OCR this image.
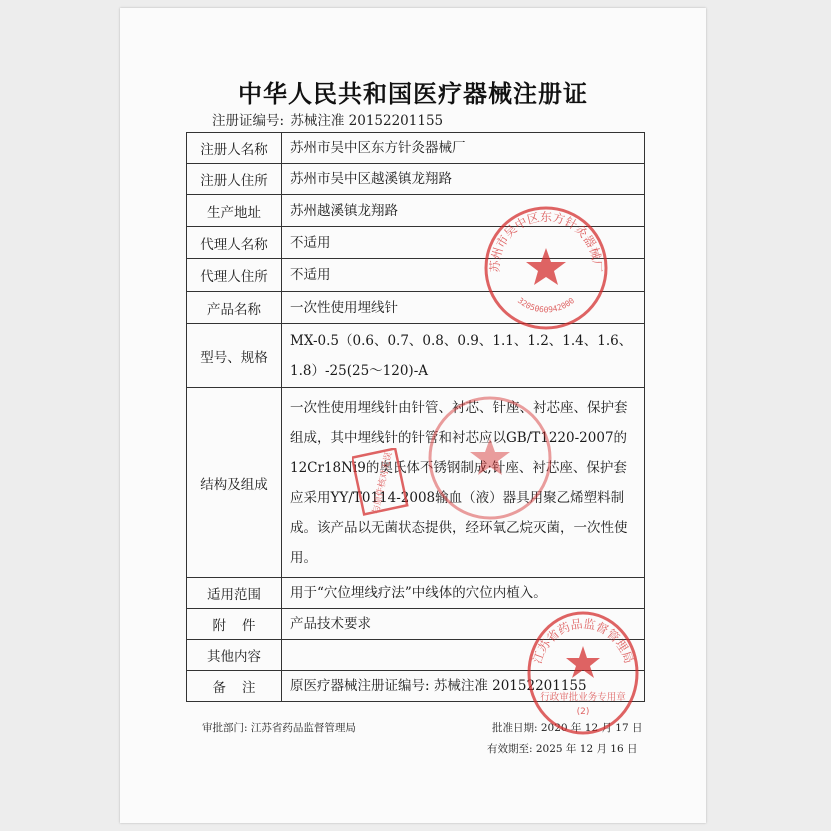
中华人民共和国医疗器械注册证
注册证编号: 苏械注准 20152201155
注册人名称	苏州市吴中区东方针灸器械厂
注册人住所	苏州市吴中区越溪镇龙翔路
生产地址	苏州越溪镇龙翔路
代理人名称	不适用
代理人住所	不适用
产品名称	一次性使用埋线针
型号、规格	MX-0.5（0.6、0.7、0.8、0.9、1.1、1.2、1.4、1.6、1.8）-25(25～120)-A
结构及组成	一次性使用埋线针由针管、衬芯、针座、衬芯座、保护套组成，其中埋线针的针管和衬芯应以GB/T1220-2007的12Cr18Ni9的奥氏体不锈钢制成;针座、衬芯座、保护套应采用YY/T0114-2008输血（液）器具用聚乙烯塑料制成。该产品以无菌状态提供，经环氧乙烷灭菌，一次性使用。
适用范围	用于“穴位埋线疗法”中线体的穴位内植入。
附件	产品技术要求
其他内容	
备注	原医疗器械注册证编号: 苏械注准 20152201155
审批部门: 江苏省药品监督管理局	批准日期: 2020 年 12 月 17 日
有效期至: 2025 年 12 月 16 日
苏州市吴中区东方针灸器械厂
3205060942000
与原件核对无误
江苏省药品监督管理局
行政审批业务专用章
(2)
